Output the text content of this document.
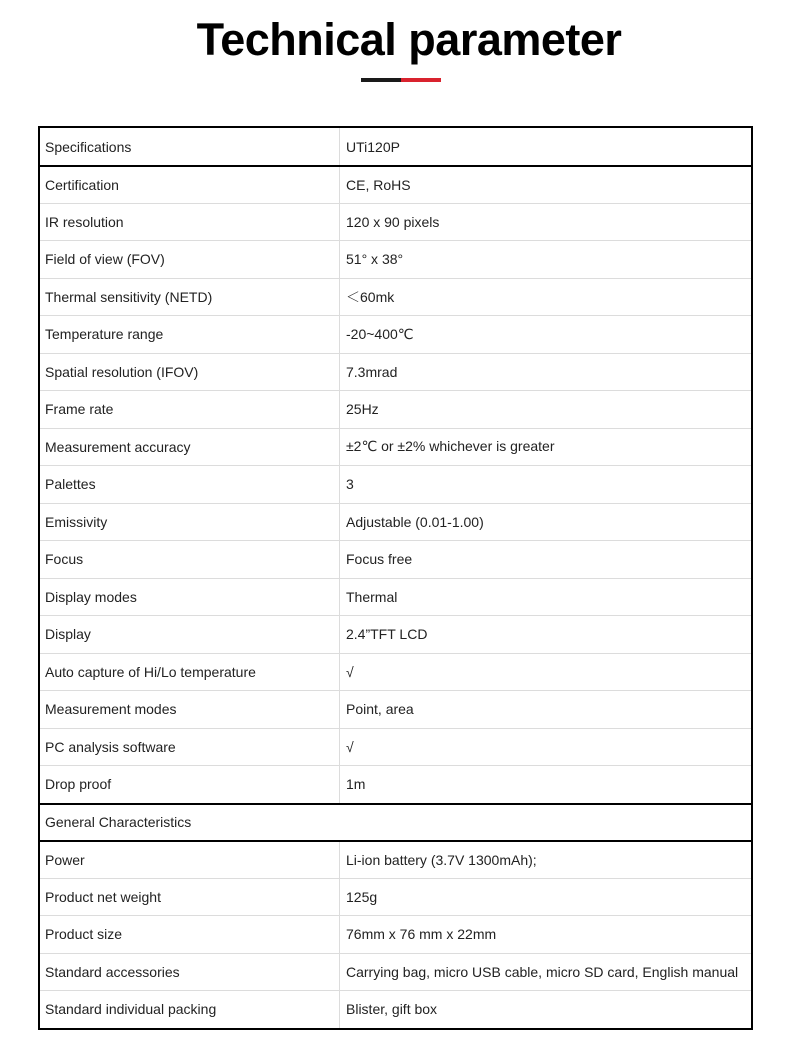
Technical parameter
Specifications	UTi120P
Certification	CE, RoHS
IR resolution	120 x 90 pixels
Field of view (FOV)	51° x 38°
Thermal sensitivity (NETD)	＜60mk
Temperature range	-20~400℃
Spatial resolution (IFOV)	7.3mrad
Frame rate	25Hz
Measurement accuracy	±2℃ or ±2% whichever is greater
Palettes	3
Emissivity	Adjustable (0.01-1.00)
Focus	Focus free
Display modes	Thermal
Display	2.4”TFT LCD
Auto capture of Hi/Lo temperature	√
Measurement modes	Point, area
PC analysis software	√
Drop proof	1m
General Characteristics
Power	Li-ion battery (3.7V 1300mAh);
Product net weight	125g
Product size	76mm x 76 mm x 22mm
Standard accessories	Carrying bag, micro USB cable, micro SD card, English manual
Standard individual packing	Blister, gift box
